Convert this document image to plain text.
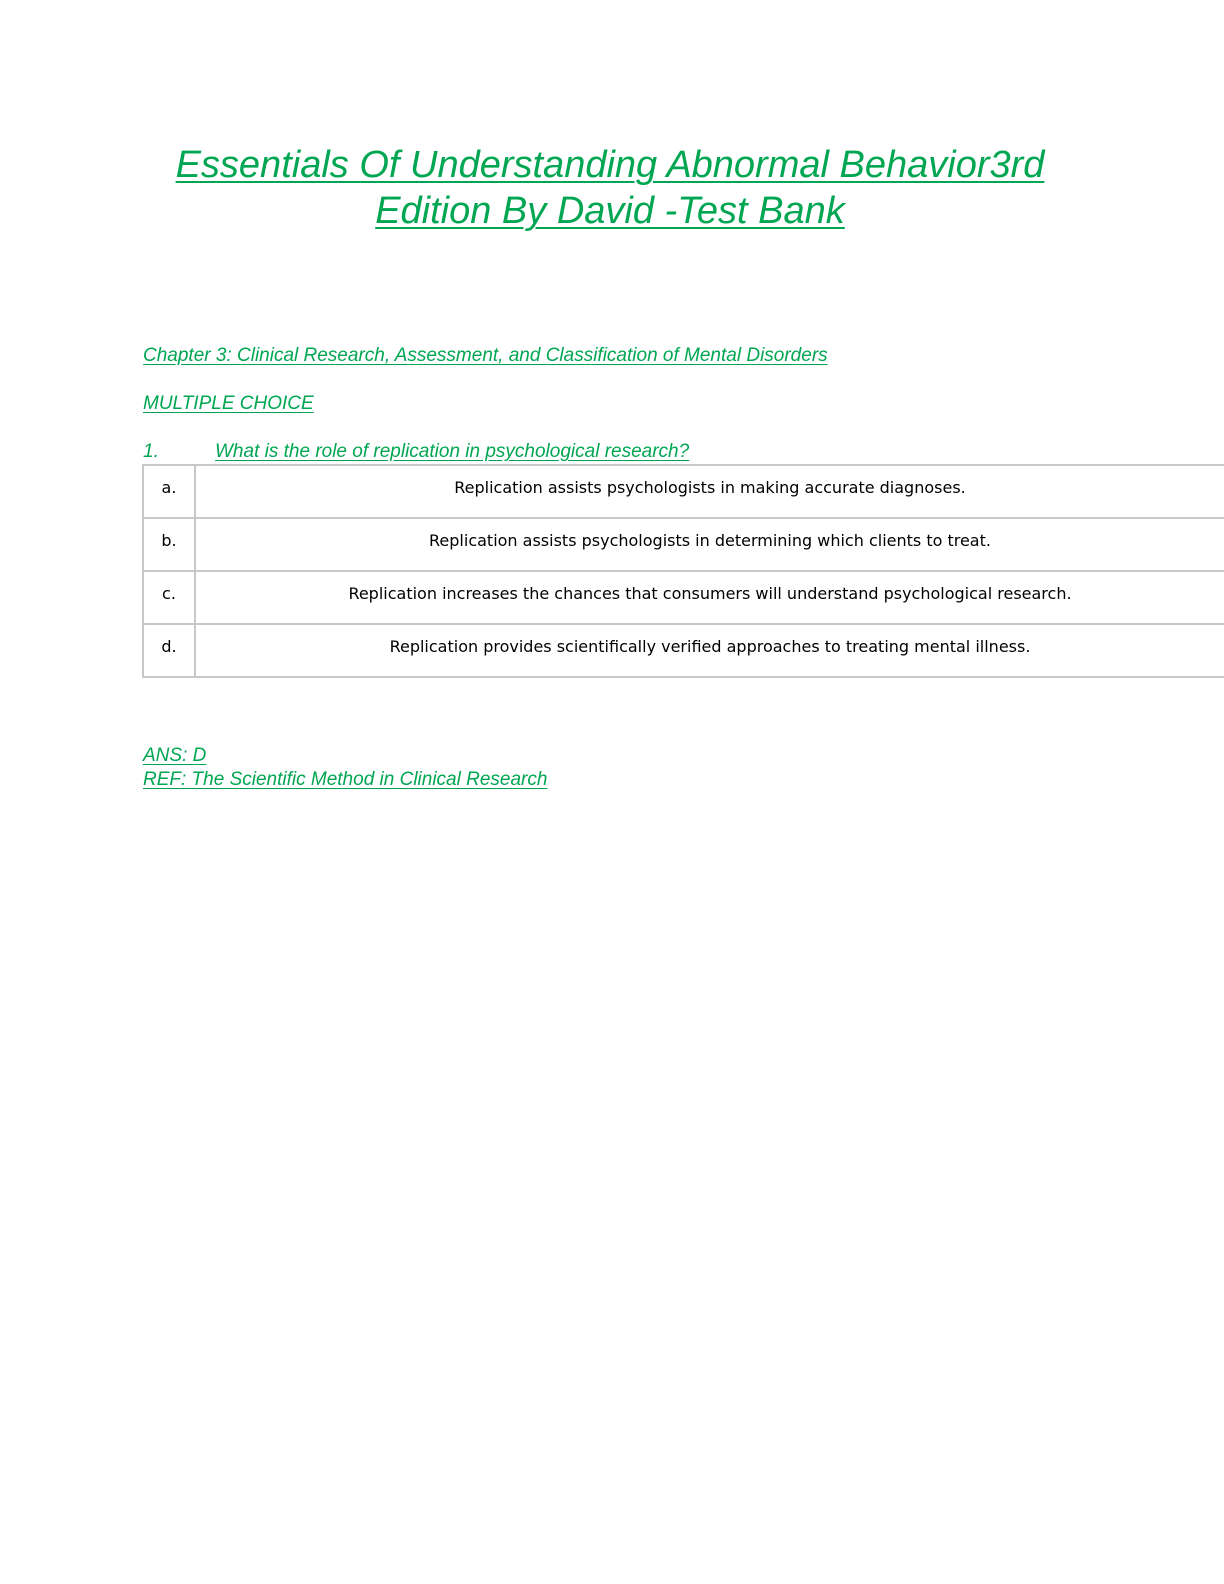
Essentials Of Understanding Abnormal Behavior3rd
Edition By David -Test Bank

Chapter 3: Clinical Research, Assessment, and Classification of Mental Disorders

MULTIPLE CHOICE

1.	What is the role of replication in psychological research?

a.	Replication assists psychologists in making accurate diagnoses.
b.	Replication assists psychologists in determining which clients to treat.
c.	Replication increases the chances that consumers will understand psychological research.
d.	Replication provides scientifically verified approaches to treating mental illness.

ANS: D

REF: The Scientific Method in Clinical Research
